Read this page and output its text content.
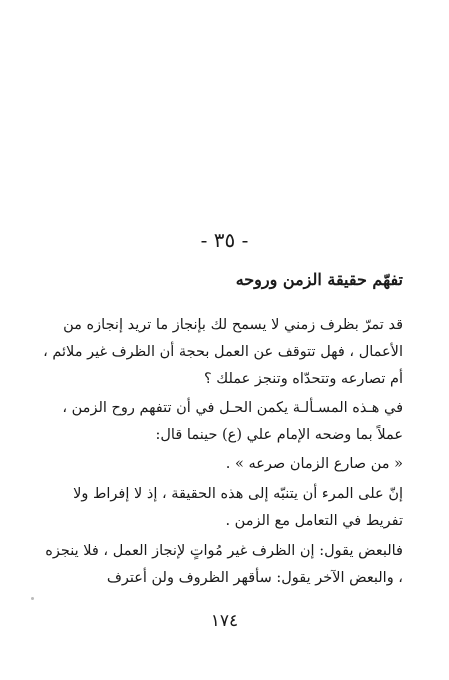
- ٣٥ -
تفهّم حقيقة الزمن وروحه
قد تمرّ بظرف زمني لا يسمح لك بإنجاز ما تريد إنجازه من الأعمال ، فهل تتوقف عن العمل بحجة أن الظرف غير ملائم ، أم تصارعه وتتحدّاه وتنجز عملك ؟
في هـذه المسـألـة يكمن الحـل في أن تتفهم روح الزمن ، عملاً بما وضحه الإمام علي (ع) حينما قال:
« من صارع الزمان صرعه » .
إنّ على المرء أن يتنبّه إلى هذه الحقيقة ، إذ لا إفراط ولا تفريط في التعامل مع الزمن .
فالبعض يقول: إن الظرف غير مُواتٍ لإنجاز العمل ، فلا ينجزه ، والبعض الآخر يقول: سأقهر الظروف ولن أعترف
١٧٤
